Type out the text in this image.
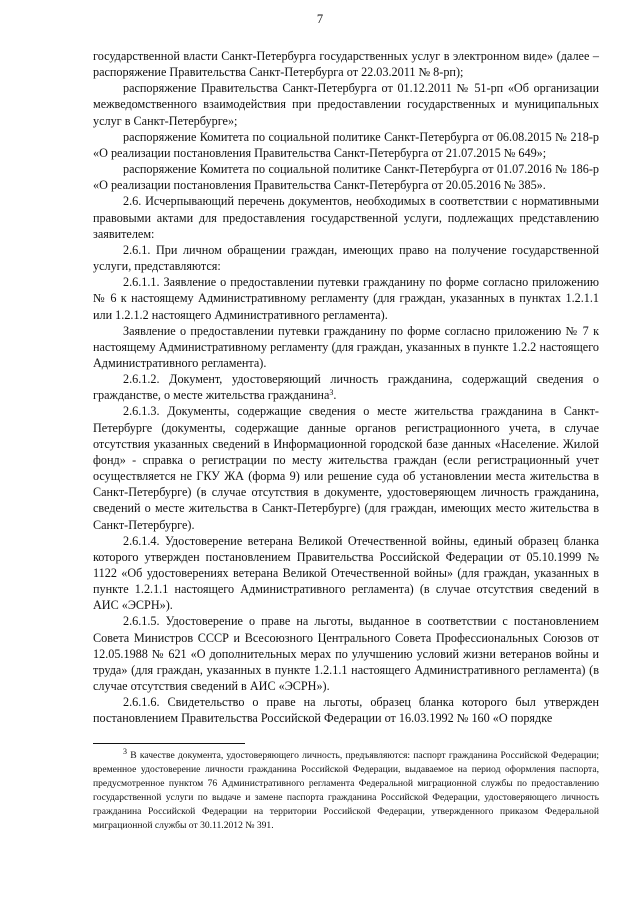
7

государственной власти Санкт-Петербурга государственных услуг в электронном виде» (далее – распоряжение Правительства Санкт-Петербурга от 22.03.2011 № 8-рп);

распоряжение Правительства Санкт-Петербурга от 01.12.2011 № 51-рп «Об организации межведомственного взаимодействия при предоставлении государственных и муниципальных услуг в Санкт-Петербурге»;

распоряжение Комитета по социальной политике Санкт-Петербурга от 06.08.2015 № 218-р «О реализации постановления Правительства Санкт-Петербурга от 21.07.2015 № 649»;

распоряжение Комитета по социальной политике Санкт-Петербурга от 01.07.2016 № 186-р «О реализации постановления Правительства Санкт-Петербурга от 20.05.2016 № 385».

2.6. Исчерпывающий перечень документов, необходимых в соответствии с нормативными правовыми актами для предоставления государственной услуги, подлежащих представлению заявителем:

2.6.1. При личном обращении граждан, имеющих право на получение государственной услуги, представляются:

2.6.1.1. Заявление о предоставлении путевки гражданину по форме согласно приложению № 6 к настоящему Административному регламенту (для граждан, указанных в пунктах 1.2.1.1 или 1.2.1.2 настоящего Административного регламента).

Заявление о предоставлении путевки гражданину по форме согласно приложению № 7 к настоящему Административному регламенту (для граждан, указанных в пункте 1.2.2 настоящего Административного регламента).

2.6.1.2. Документ, удостоверяющий личность гражданина, содержащий сведения о гражданстве, о месте жительства гражданина$^3$.

2.6.1.3. Документы, содержащие сведения о месте жительства гражданина в Санкт-Петербурге (документы, содержащие данные органов регистрационного учета, в случае отсутствия указанных сведений в Информационной городской базе данных «Население. Жилой фонд» - справка о регистрации по месту жительства граждан (если регистрационный учет осуществляется не ГКУ ЖА (форма 9) или решение суда об установлении места жительства в Санкт-Петербурге) (в случае отсутствия в документе, удостоверяющем личность гражданина, сведений о месте жительства в Санкт-Петербурге) (для граждан, имеющих место жительства в Санкт-Петербурге).

2.6.1.4. Удостоверение ветерана Великой Отечественной войны, единый образец бланка которого утвержден постановлением Правительства Российской Федерации от 05.10.1999 № 1122 «Об удостоверениях ветерана Великой Отечественной войны» (для граждан, указанных в пункте 1.2.1.1 настоящего Административного регламента) (в случае отсутствия сведений в АИС «ЭСРН»).

2.6.1.5. Удостоверение о праве на льготы, выданное в соответствии с постановлением Совета Министров СССР и Всесоюзного Центрального Совета Профессиональных Союзов от 12.05.1988 № 621 «О дополнительных мерах по улучшению условий жизни ветеранов войны и труда» (для граждан, указанных в пункте 1.2.1.1 настоящего Административного регламента) (в случае отсутствия сведений в АИС «ЭСРН»).

2.6.1.6. Свидетельство о праве на льготы, образец бланка которого был утвержден постановлением Правительства Российской Федерации от 16.03.1992 № 160 «О порядке

$^3$ В качестве документа, удостоверяющего личность, предъявляются: паспорт гражданина Российской Федерации; временное удостоверение личности гражданина Российской Федерации, выдаваемое на период оформления паспорта, предусмотренное пунктом 76 Административного регламента Федеральной миграционной службы по предоставлению государственной услуги по выдаче и замене паспорта гражданина Российской Федерации, удостоверяющего личность гражданина Российской Федерации на территории Российской Федерации, утвержденного приказом Федеральной миграционной службы от 30.11.2012 № 391.
